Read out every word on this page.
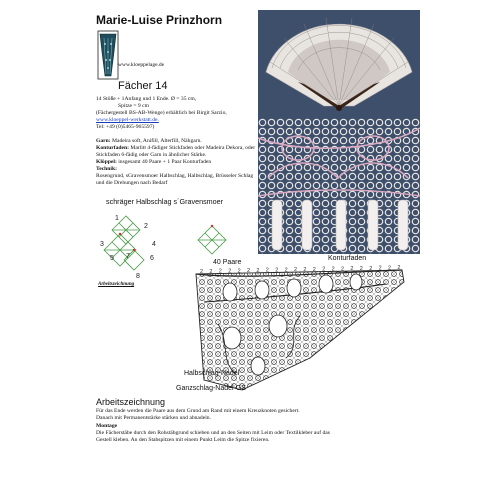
Marie-Luise Prinzhorn
www.kloeppelage.de
Fächer 14
14 Stöße + 1Anfang und 1 Ende. Ø = 35 cm,
Spitze = 9 cm
(Fächergestell BS-AB-Wenge) erhältlich bei Birgit Sarzio,
www.kloeppel-werkstatt.de.
Tel: +49 (0)5465-965597)
Garn: Madeira soft, Anifill, Alterfill, Nähgarn.
Konturfaden: Marlitt 4-fädiger Stickfaden oder Madeira Dekora, oder Stickfaden 6-fädig oder Garn in ähnlicher Stärke.
Klöppel: insgesamt 40 Paare + 1 Paar Konturfaden
Technik:
Rosengrund, sGravensmoer Halbschlag, Halbschlag, Brüsseler Schlag und die Drehungen nach Bedarf
schräger Halbschlag s´Gravensmoer
1
2
3	4
5	6
7
8
Arbeitszeichnung
40 Paare
Konturfaden
2 2 2 2 2 2 2 2 2 2 2 2 2 2 2 2 2 2 2 2 2 2
Halbschlag-Nadel
Ganzschlag-Nadel-GS
Arbeitszeichnung
Für das Ende werden die Paare aus dem Grund am Rand mit einem Kreuzknoten gesichert.
Danach mit Permanentstärke stärken und abnadeln.
Montage
Die Fächerstäbe durch den Rohstäbgrund schieben und an den Seiten mit Leim oder Textilkleber auf das Gestell kleben. An den Stabspitzen mit einem Punkt Leim die Spitze fixieren.
